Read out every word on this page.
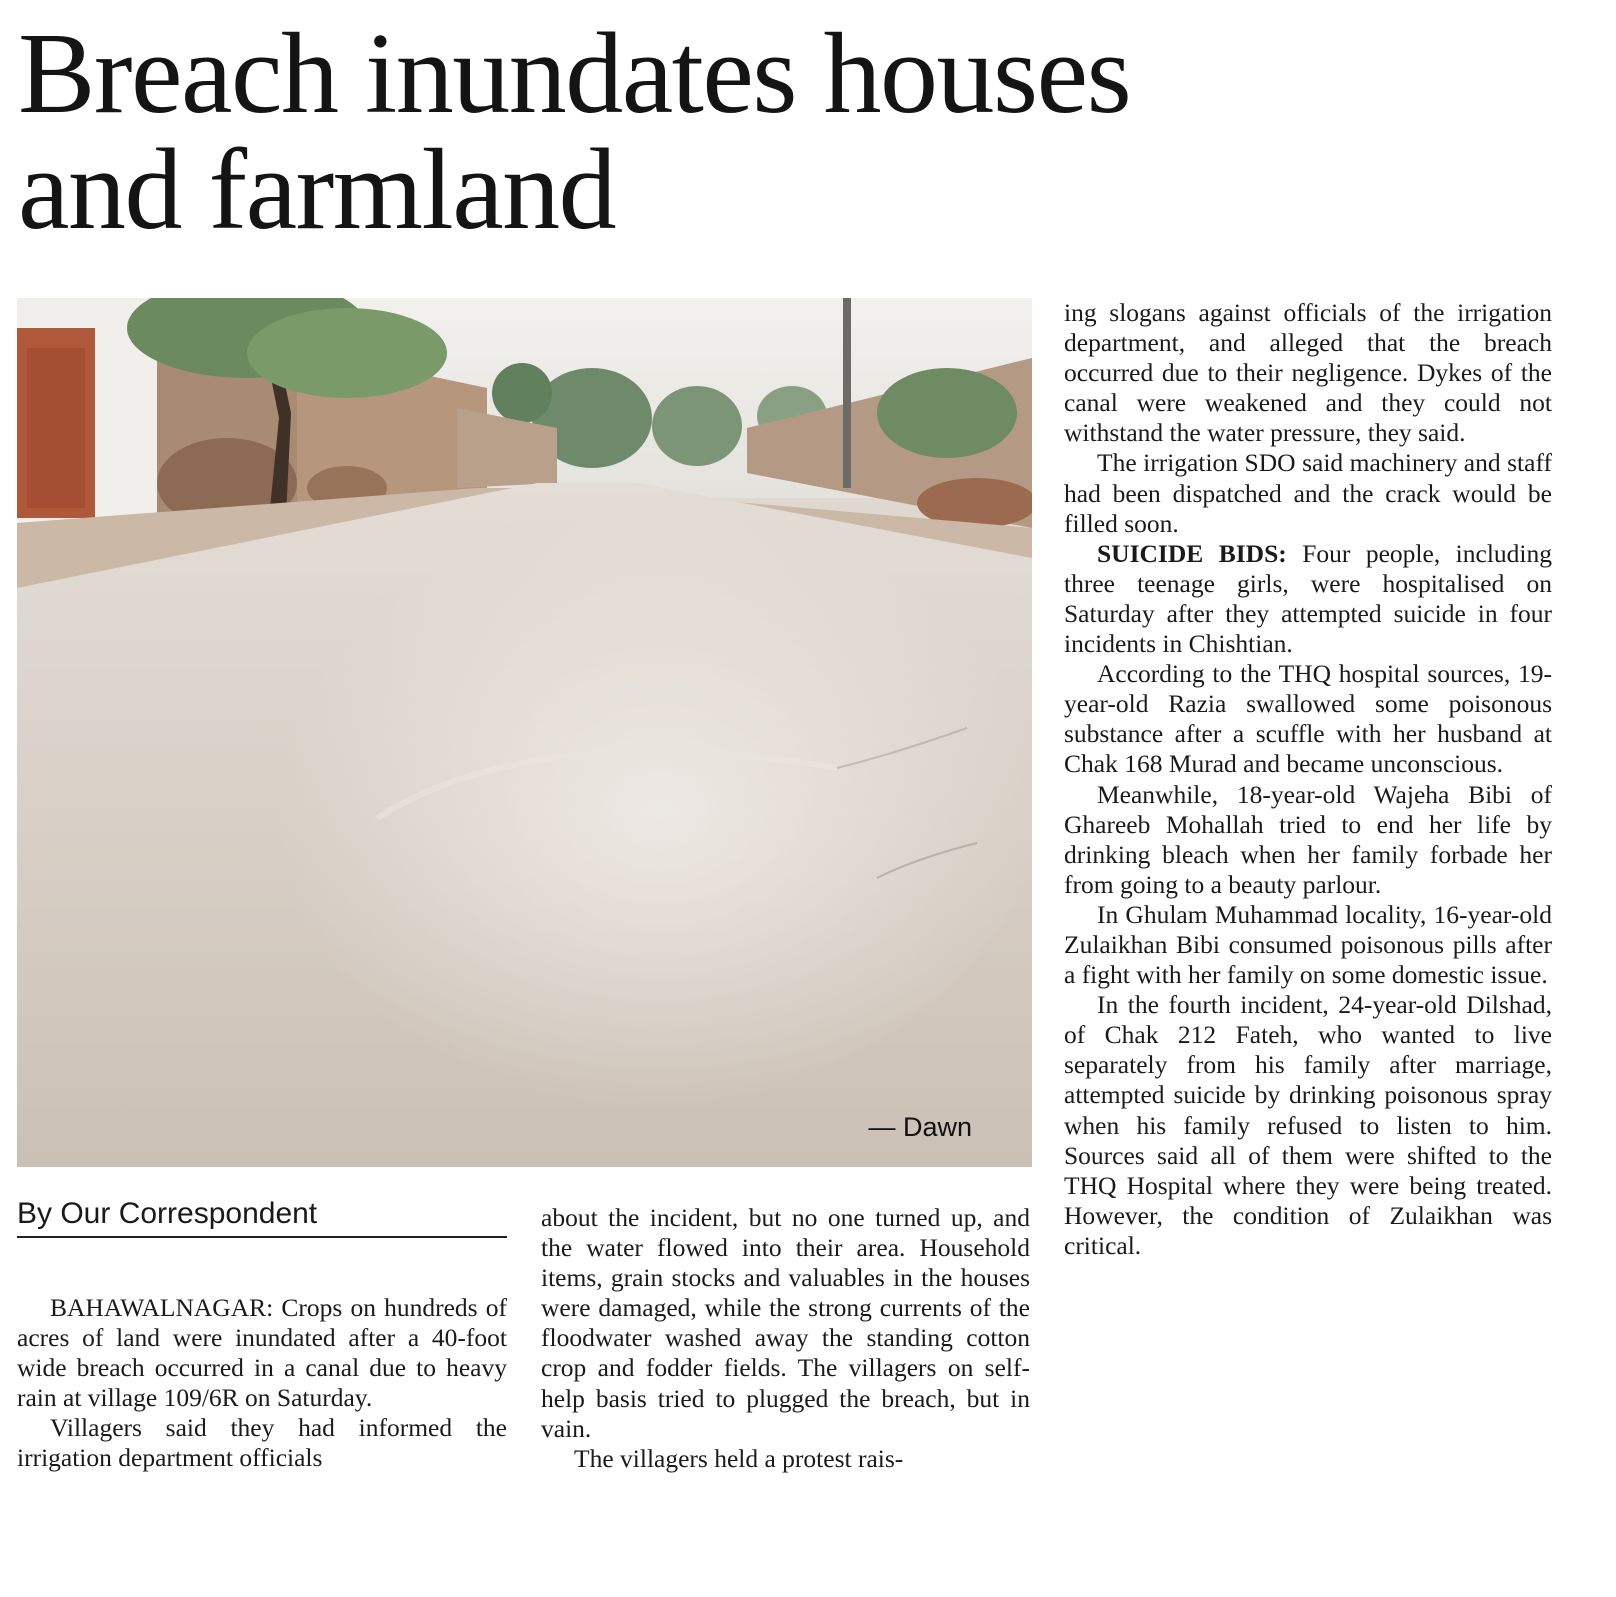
Breach inundates houses
and farmland
— Dawn
By Our Correspondent

BAHAWALNAGAR: Crops on hundreds of acres of land were inundated after a 40-foot wide breach occurred in a canal due to heavy rain at village 109/6R on Saturday.

Villagers said they had informed the irrigation department officials

about the incident, but no one turned up, and the water flowed into their area. Household items, grain stocks and valuables in the houses were damaged, while the strong currents of the floodwater washed away the standing cotton crop and fodder fields. The villagers on self-help basis tried to plugged the breach, but in vain.

The villagers held a protest rais-

ing slogans against officials of the irrigation department, and alleged that the breach occurred due to their negligence. Dykes of the canal were weakened and they could not withstand the water pressure, they said.

The irrigation SDO said machinery and staff had been dispatched and the crack would be filled soon.

SUICIDE BIDS: Four people, including three teenage girls, were hospitalised on Saturday after they attempted suicide in four incidents in Chishtian.

According to the THQ hospital sources, 19-year-old Razia swallowed some poisonous substance after a scuffle with her husband at Chak 168 Murad and became unconscious.

Meanwhile, 18-year-old Wajeha Bibi of Ghareeb Mohallah tried to end her life by drinking bleach when her family forbade her from going to a beauty parlour.

In Ghulam Muhammad locality, 16-year-old Zulaikhan Bibi consumed poisonous pills after a fight with her family on some domestic issue.

In the fourth incident, 24-year-old Dilshad, of Chak 212 Fateh, who wanted to live separately from his family after marriage, attempted suicide by drinking poisonous spray when his family refused to listen to him. Sources said all of them were shifted to the THQ Hospital where they were being treated. However, the condition of Zulaikhan was critical.
